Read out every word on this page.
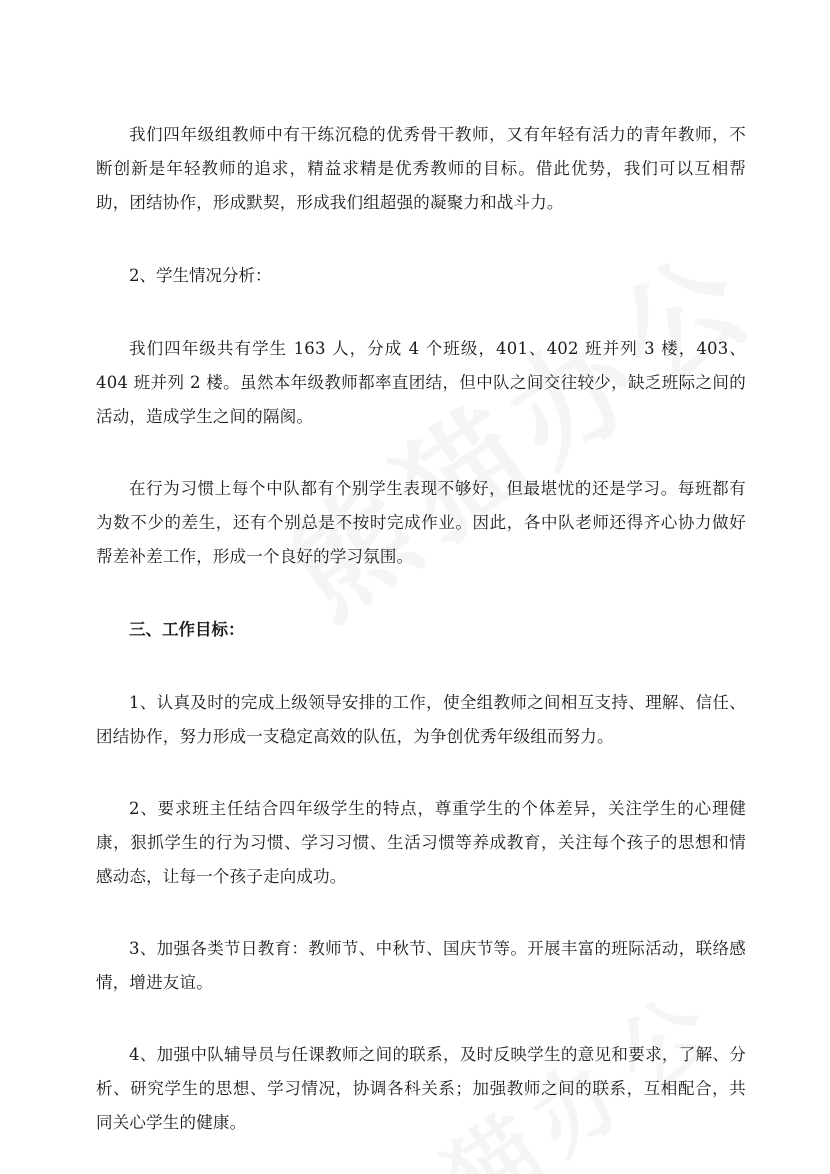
我们四年级组教师中有干练沉稳的优秀骨干教师，又有年轻有活力的青年教师，不断创新是年轻教师的追求，精益求精是优秀教师的目标。借此优势，我们可以互相帮助，团结协作，形成默契，形成我们组超强的凝聚力和战斗力。

2、学生情况分析：

我们四年级共有学生 163 人，分成 4 个班级，401、402 班并列 3 楼，403、404 班并列 2 楼。虽然本年级教师都率直团结，但中队之间交往较少，缺乏班际之间的活动，造成学生之间的隔阂。

在行为习惯上每个中队都有个别学生表现不够好，但最堪忧的还是学习。每班都有为数不少的差生，还有个别总是不按时完成作业。因此，各中队老师还得齐心协力做好帮差补差工作，形成一个良好的学习氛围。

三、工作目标：

1、认真及时的完成上级领导安排的工作，使全组教师之间相互支持、理解、信任、团结协作，努力形成一支稳定高效的队伍，为争创优秀年级组而努力。

2、要求班主任结合四年级学生的特点，尊重学生的个体差异，关注学生的心理健康，狠抓学生的行为习惯、学习习惯、生活习惯等养成教育，关注每个孩子的思想和情感动态，让每一个孩子走向成功。

3、加强各类节日教育：教师节、中秋节、国庆节等。开展丰富的班际活动，联络感情，增进友谊。

4、加强中队辅导员与任课教师之间的联系，及时反映学生的意见和要求，了解、分析、研究学生的思想、学习情况，协调各科关系；加强教师之间的联系，互相配合，共同关心学生的健康。
